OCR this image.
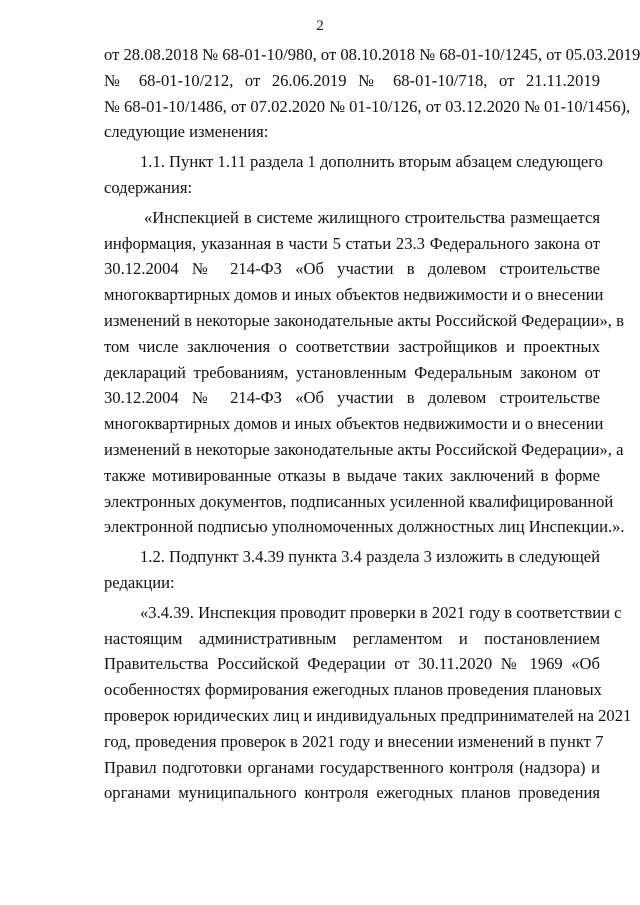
2
от 28.08.2018 № 68-01-10/980, от 08.10.2018 № 68-01-10/1245, от 05.03.2019
№ 68-01-10/212, от 26.06.2019 № 68-01-10/718, от 21.11.2019
№ 68-01-10/1486, от 07.02.2020 № 01-10/126, от 03.12.2020 № 01-10/1456),
следующие изменения:
1.1. Пункт 1.11 раздела 1 дополнить вторым абзацем следующего
содержания:
«Инспекцией в системе жилищного строительства размещается
информация, указанная в части 5 статьи 23.3 Федерального закона от
30.12.2004 № 214-ФЗ «Об участии в долевом строительстве
многоквартирных домов и иных объектов недвижимости и о внесении
изменений в некоторые законодательные акты Российской Федерации», в
том числе заключения о соответствии застройщиков и проектных
деклараций требованиям, установленным Федеральным законом от
30.12.2004 № 214-ФЗ «Об участии в долевом строительстве
многоквартирных домов и иных объектов недвижимости и о внесении
изменений в некоторые законодательные акты Российской Федерации», а
также мотивированные отказы в выдаче таких заключений в форме
электронных документов, подписанных усиленной квалифицированной
электронной подписью уполномоченных должностных лиц Инспекции.».
1.2. Подпункт 3.4.39 пункта 3.4 раздела 3 изложить в следующей
редакции:
«3.4.39. Инспекция проводит проверки в 2021 году в соответствии с
настоящим административным регламентом и постановлением
Правительства Российской Федерации от 30.11.2020 № 1969 «Об
особенностях формирования ежегодных планов проведения плановых
проверок юридических лиц и индивидуальных предпринимателей на 2021
год, проведения проверок в 2021 году и внесении изменений в пункт 7
Правил подготовки органами государственного контроля (надзора) и
органами муниципального контроля ежегодных планов проведения
